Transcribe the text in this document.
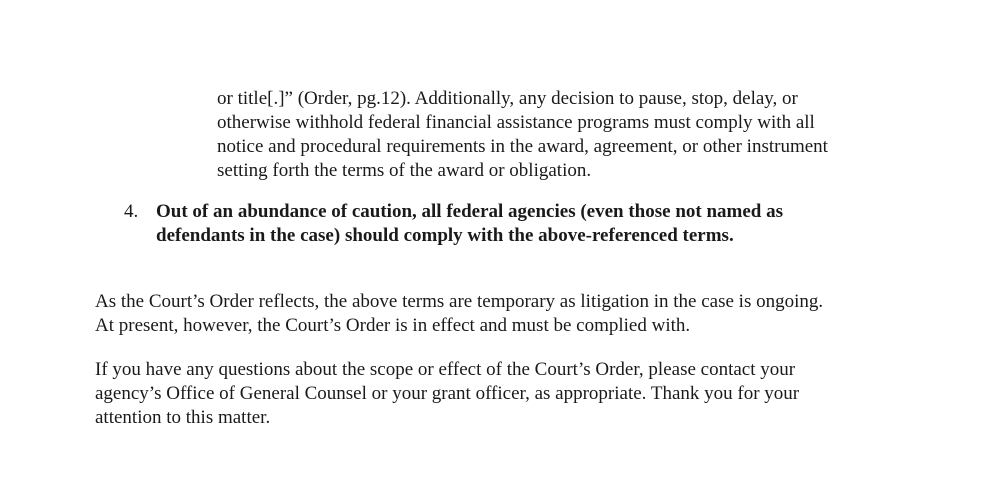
or title[.]” (Order, pg.12). Additionally, any decision to pause, stop, delay, or
otherwise withhold federal financial assistance programs must comply with all
notice and procedural requirements in the award, agreement, or other instrument
setting forth the terms of the award or obligation.
4. Out of an abundance of caution, all federal agencies (even those not named as
defendants in the case) should comply with the above-referenced terms.
As the Court’s Order reflects, the above terms are temporary as litigation in the case is ongoing.
At present, however, the Court’s Order is in effect and must be complied with.
If you have any questions about the scope or effect of the Court’s Order, please contact your
agency’s Office of General Counsel or your grant officer, as appropriate. Thank you for your
attention to this matter.
